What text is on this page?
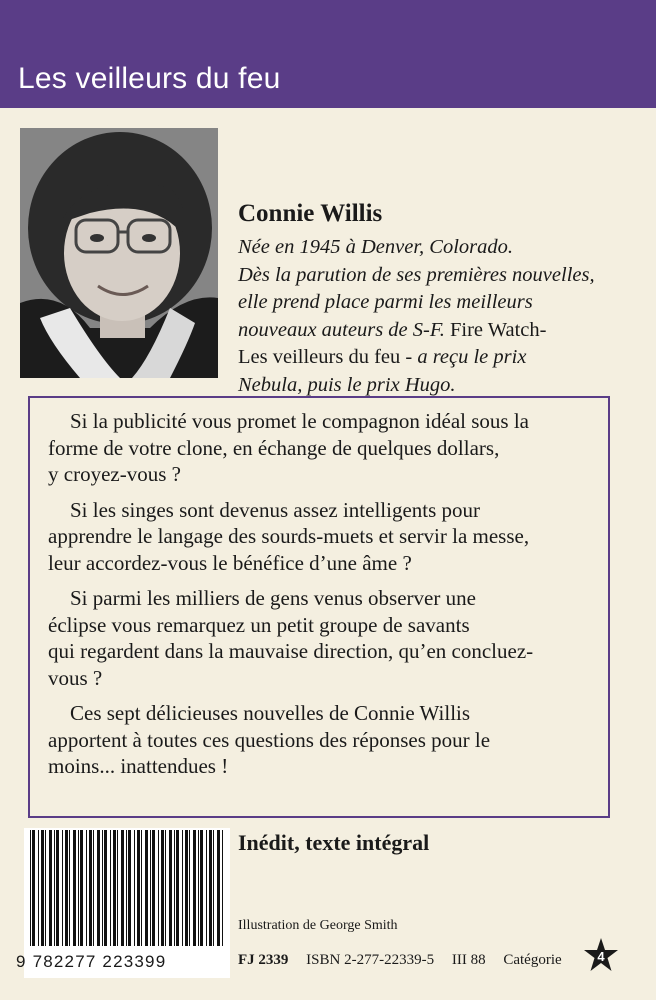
Les veilleurs du feu
Connie Willis
Née en 1945 à Denver, Colorado.
Dès la parution de ses premières nouvelles,
elle prend place parmi les meilleurs
nouveaux auteurs de S-F. Fire Watch-
Les veilleurs du feu - a reçu le prix
Nebula, puis le prix Hugo.

Si la publicité vous promet le compagnon idéal sous la
forme de votre clone, en échange de quelques dollars,
y croyez-vous ?

Si les singes sont devenus assez intelligents pour
apprendre le langage des sourds-muets et servir la messe,
leur accordez-vous le bénéfice d’une âme ?

Si parmi les milliers de gens venus observer une
éclipse vous remarquez un petit groupe de savants
qui regardent dans la mauvaise direction, qu’en concluez-
vous ?

Ces sept délicieuses nouvelles de Connie Willis
apportent à toutes ces questions des réponses pour le
moins... inattendues !

Inédit, texte intégral
9 782277 223399
Illustration de George Smith
FJ 2339 ISBN 2-277-22339-5 III 88 Catégorie	4
